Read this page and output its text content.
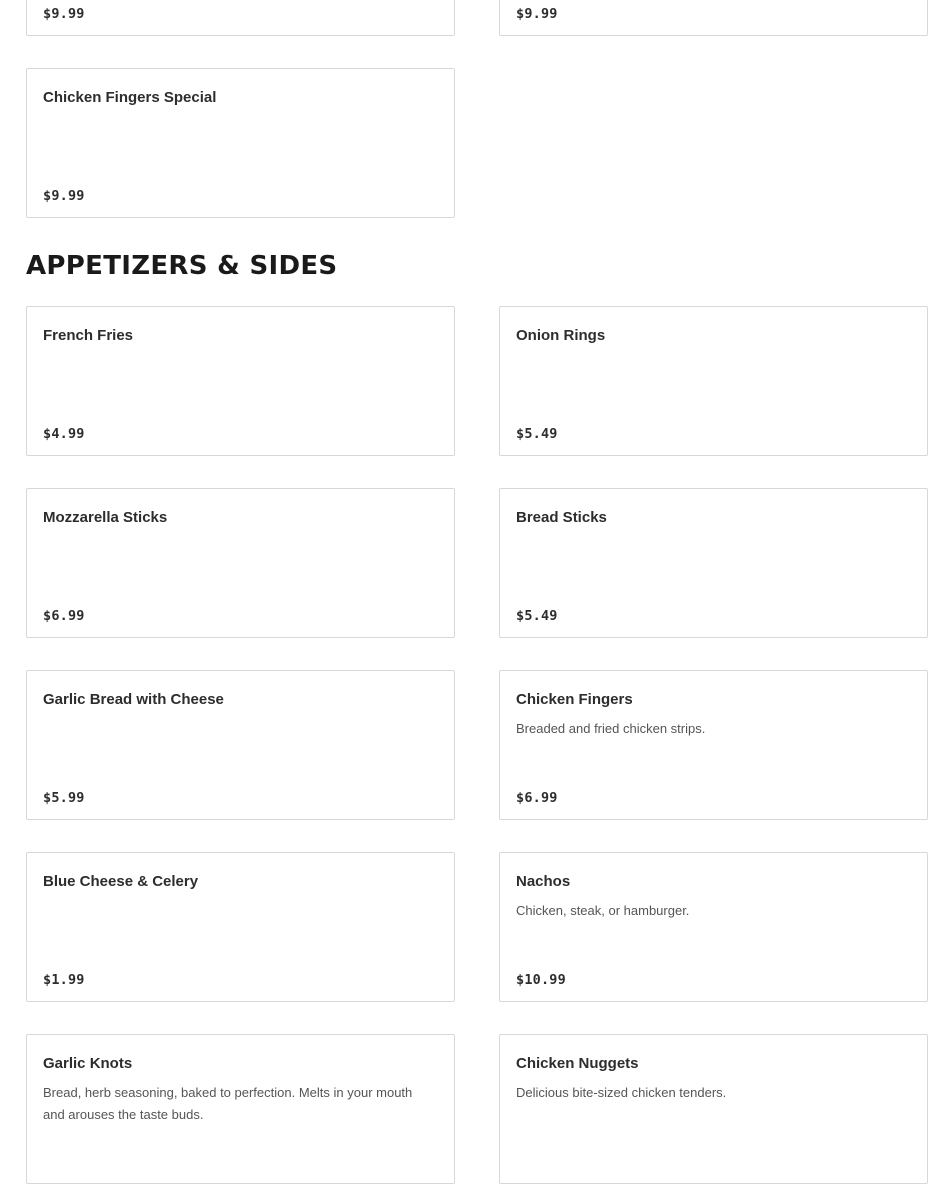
$9.99	$9.99
Chicken Fingers Special
$9.99
APPETIZERS & SIDES
French Fries
$4.99
Onion Rings
$5.49
Mozzarella Sticks
$6.99
Bread Sticks
$5.49
Garlic Bread with Cheese
$5.99
Chicken Fingers
Breaded and fried chicken strips.
$6.99
Blue Cheese & Celery
$1.99
Nachos
Chicken, steak, or hamburger.
$10.99
Garlic Knots
Bread, herb seasoning, baked to perfection. Melts in your mouth and arouses the taste buds.
Chicken Nuggets
Delicious bite-sized chicken tenders.
